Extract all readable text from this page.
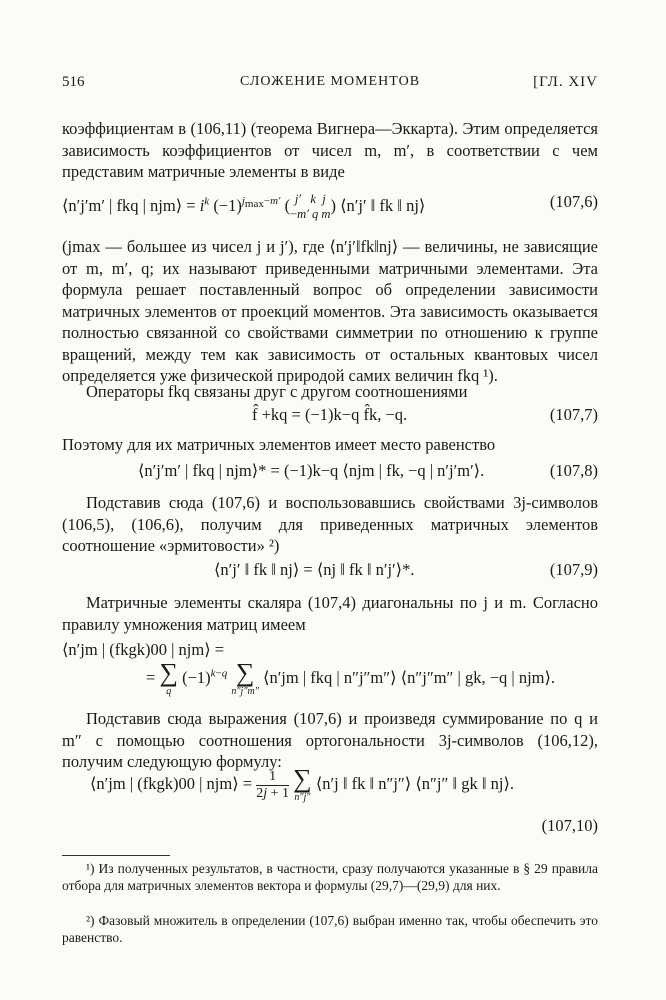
516	СЛОЖЕНИЕ МОМЕНТОВ	[ГЛ. XIV
коэффициентам в (106,11) (теорема Вигнера—Эккарта). Этим определяется зависимость коэффициентов от чисел m, m′, в соответствии с чем представим матричные элементы в виде
⟨n′j′m′ | fkq | njm⟩ = $i^k$ $(-1)^{j_{max}-m'}$ ( j′ k j
−m′ q m) ⟨n′j′ ‖ fk ‖ nj⟩	(107,6)
(jmax — большее из чисел j и j′), где ⟨n′j′‖fk‖nj⟩ — величины, не зависящие от m, m′, q; их называют приведенными матричными элементами. Эта формула решает поставленный вопрос об определении зависимости матричных элементов от проекций моментов. Эта зависимость оказывается полностью связанной со свойствами симметрии по отношению к группе вращений, между тем как зависимость от остальных квантовых чисел определяется уже физической природой самих величин fkq ¹).
Операторы fkq связаны друг с другом соотношениями
f̂ +kq = (−1)k−q f̂k, −q.	(107,7)
Поэтому для их матричных элементов имеет место равенство
⟨n′j′m′ | fkq | njm⟩* = (−1)k−q ⟨njm | fk, −q | n′j′m′⟩.	(107,8)
Подставив сюда (107,6) и воспользовавшись свойствами 3j-символов (106,5), (106,6), получим для приведенных матричных элементов соотношение «эрмитовости» ²)
⟨n′j′ ‖ fk ‖ nj⟩ = ⟨nj ‖ fk ‖ n′j′⟩*.	(107,9)
Матричные элементы скаляра (107,4) диагональны по j и m. Согласно правилу умножения матриц имеем
⟨n′jm | (fkgk)00 | njm⟩ =
= ∑
q
$(-1)^{k-q}$ ∑
n″j″m″
⟨n′jm | fkq | n″j″m″⟩ ⟨n″j″m″ | gk, −q | njm⟩.
Подставив сюда выражения (107,6) и произведя суммирование по q и m″ с помощью соотношения ортогональности 3j-символов (106,12), получим следующую формулу:
⟨n′jm | (fkgk)00 | njm⟩ = $\frac{1}{2j + 1}$ ∑
n″j″
⟨n′j ‖ fk ‖ n″j″⟩ ⟨n″j″ ‖ gk ‖ nj⟩.
(107,10)
¹) Из полученных результатов, в частности, сразу получаются указанные в § 29 правила отбора для матричных элементов вектора и формулы (29,7)—(29,9) для них.
²) Фазовый множитель в определении (107,6) выбран именно так, чтобы обеспечить это равенство.
